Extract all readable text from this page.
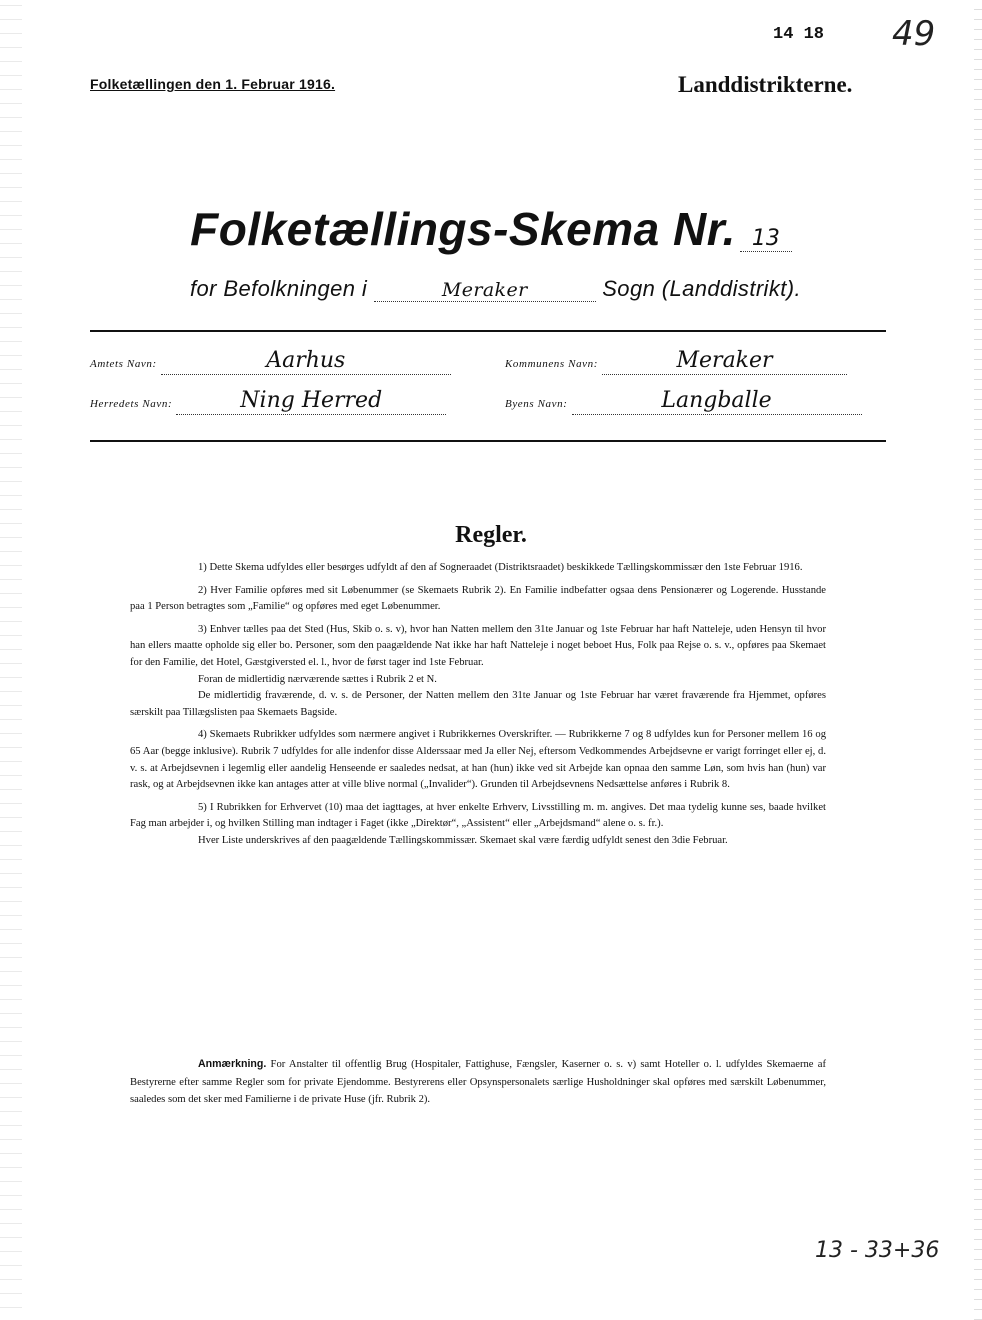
14 18 49
Folketællingen den 1. Februar 1916.	Landdistrikterne.
Folketællings-Skema Nr. 13
for Befolkningen i	Meraker	Sogn (Landdistrikt).
Amtets Navn:	Aarhus	Kommunens Navn:	Meraker
Herredets Navn:	Ning Herred	Byens Navn:	Langballe
Regler.

1) Dette Skema udfyldes eller besørges udfyldt af den af Sogneraadet (Distriktsraadet) beskikkede Tællingskommissær den 1ste Februar 1916.

2) Hver Familie opføres med sit Løbenummer (se Skemaets Rubrik 2). En Familie indbefatter ogsaa dens Pensionærer og Logerende. Husstande paa 1 Person betragtes som „Familie“ og opføres med eget Løbenummer.

3) Enhver tælles paa det Sted (Hus, Skib o. s. v), hvor han Natten mellem den 31te Januar og 1ste Februar har haft Natteleje, uden Hensyn til hvor han ellers maatte opholde sig eller bo. Personer, som den paagældende Nat ikke har haft Natteleje i noget beboet Hus, Folk paa Rejse o. s. v., opføres paa Skemaet for den Familie, det Hotel, Gæstgiversted el. l., hvor de først tager ind 1ste Februar.

Foran de midlertidig nærværende sættes i Rubrik 2 et N.

De midlertidig fraværende, d. v. s. de Personer, der Natten mellem den 31te Januar og 1ste Februar har været fraværende fra Hjemmet, opføres særskilt paa Tillægslisten paa Skemaets Bagside.

4) Skemaets Rubrikker udfyldes som nærmere angivet i Rubrikkernes Overskrifter. — Rubrikkerne 7 og 8 udfyldes kun for Personer mellem 16 og 65 Aar (begge inklusive). Rubrik 7 udfyldes for alle indenfor disse Alderssaar med Ja eller Nej, eftersom Vedkommendes Arbejdsevne er varigt forringet eller ej, d. v. s. at Arbejdsevnen i legemlig eller aandelig Henseende er saaledes nedsat, at han (hun) ikke ved sit Arbejde kan opnaa den samme Løn, som hvis han (hun) var rask, og at Arbejdsevnen ikke kan antages atter at ville blive normal („Invalider“). Grunden til Arbejdsevnens Nedsættelse anføres i Rubrik 8.

5) I Rubrikken for Erhvervet (10) maa det iagttages, at hver enkelte Erhverv, Livsstilling m. m. angives. Det maa tydelig kunne ses, baade hvilket Fag man arbejder i, og hvilken Stilling man indtager i Faget (ikke „Direktør“, „Assistent“ eller „Arbejdsmand“ alene o. s. fr.).

Hver Liste underskrives af den paagældende Tællingskommissær. Skemaet skal være færdig udfyldt senest den 3die Februar.

Anmærkning. For Anstalter til offentlig Brug (Hospitaler, Fattighuse, Fængsler, Kaserner o. s. v) samt Hoteller o. l. udfyldes Skemaerne af Bestyrerne efter samme Regler som for private Ejendomme. Bestyrerens eller Opsynspersonalets særlige Husholdninger skal opføres med særskilt Løbenummer, saaledes som det sker med Familierne i de private Huse (jfr. Rubrik 2).
13 - 33+36
